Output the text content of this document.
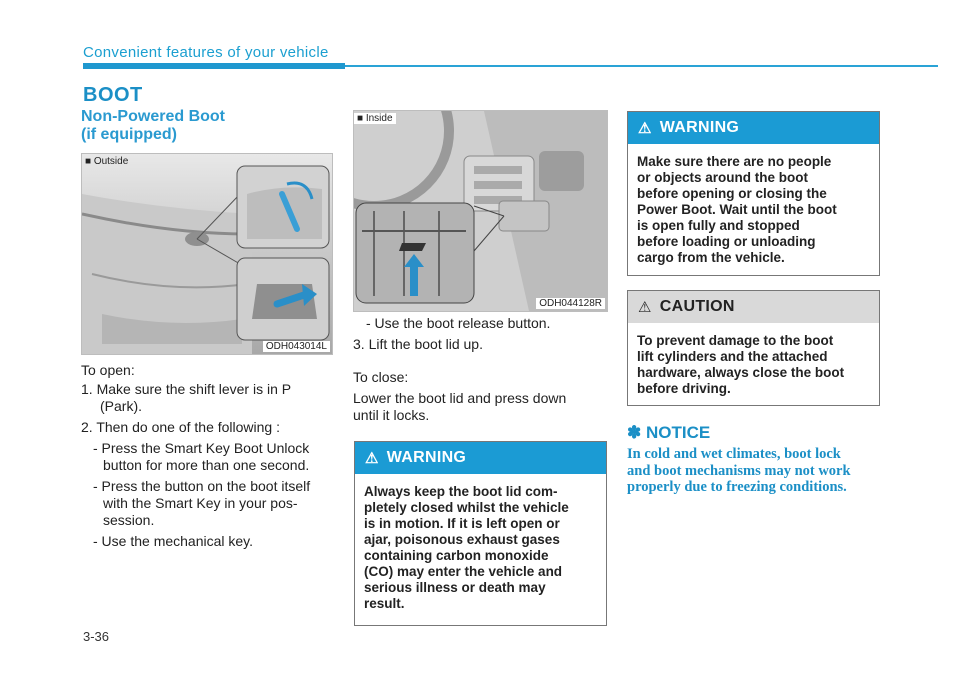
Convenient features of your vehicle
BOOT
Non-Powered Boot
(if equipped)
■ Outside
ODH043014L
■ Inside
ODH044128R
To open:
1. Make sure the shift lever is in P
(Park).
2. Then do one of the following :
- Press the Smart Key Boot Unlock
button for more than one second.
- Press the button on the boot itself
with the Smart Key in your pos-
session.
- Use the mechanical key.
- Use the boot release button.
3. Lift the boot lid up.
To close:
Lower the boot lid and press down
until it locks.
⚠ WARNING
Always keep the boot lid com-
pletely closed whilst the vehicle
is in motion. If it is left open or
ajar, poisonous exhaust gases
containing carbon monoxide
(CO) may enter the vehicle and
serious illness or death may
result.
⚠ WARNING
Make sure there are no people
or objects around the boot
before opening or closing the
Power Boot. Wait until the boot
is open fully and stopped
before loading or unloading
cargo from the vehicle.
⚠ CAUTION
To prevent damage to the boot
lift cylinders and the attached
hardware, always close the boot
before driving.
✽ NOTICE
In cold and wet climates, boot lock
and boot mechanisms may not work
properly due to freezing conditions.
3-36
